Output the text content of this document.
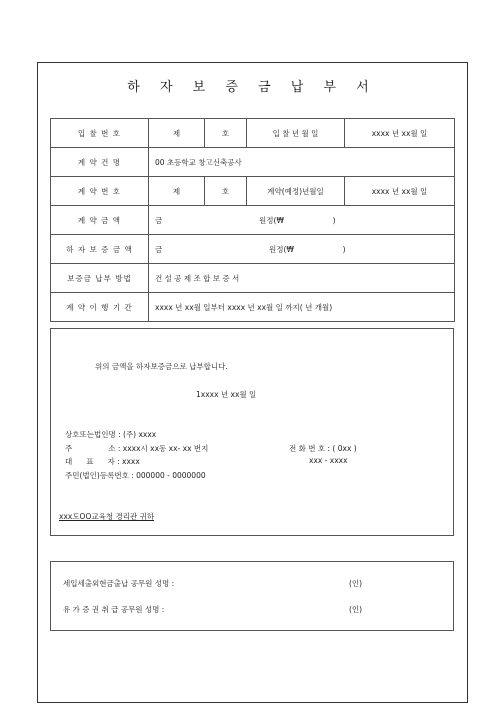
하 자 보 증 금 납 부 서
입 찰 번 호	제	호	입 찰 년 월 일	xxxx 년 xx월 일
계 약 건 명	00 초등학교 창고신축공사			
계 약 번 호	제	호	계약(예정)년월일	xxxx 년 xx월 일
계 약 금 액	금 원정(₩ )			
하 자 보 증 금 액	금 원정(₩ )			
보증금 납부 방법	건 설 공 제 조 합 보 증 서			
계 약 이 행 기 간	xxxx 년 xx월 일부터 xxxx 년 xx월 일 까지( 년 개월)			
위의 금액을 하자보증금으로 납부합니다.
1xxxx 년 xx월 일
상호또는법인명 : (주) xxxx
주	소 : xxxx시 xx동 xx- xx 번지	전 화 번 호 : ( 0xx )
대 표 자 : xxxx	xxx - xxxx
주민(법인)등록번호 : 000000 - 0000000
xxx도OO교육청 경리관 귀하
세입세출외현금출납 공무원 성명 :	(인)
유 가 증 권 취 급 공무원 성명 :	(인)
